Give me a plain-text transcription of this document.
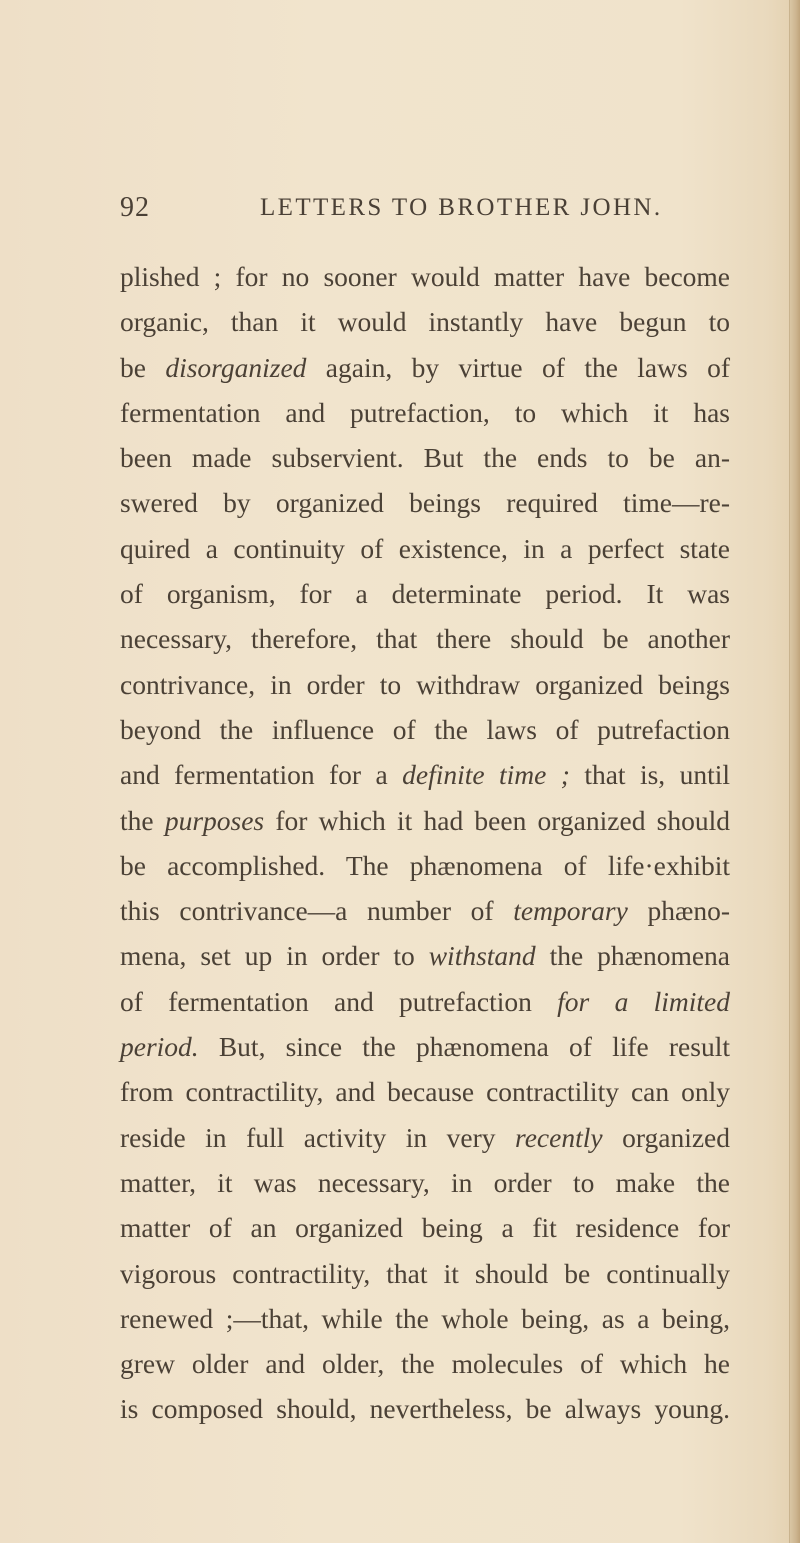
92	LETTERS TO BROTHER JOHN.
plished ; for no sooner would matter have become
organic, than it would instantly have begun to
be disorganized again, by virtue of the laws of
fermentation and putrefaction, to which it has
been made subservient. But the ends to be an-
swered by organized beings required time—re-
quired a continuity of existence, in a perfect state
of organism, for a determinate period. It was
necessary, therefore, that there should be another
contrivance, in order to withdraw organized beings
beyond the influence of the laws of putrefaction
and fermentation for a definite time ; that is, until
the purposes for which it had been organized should
be accomplished. The phænomena of life·exhibit
this contrivance—a number of temporary phæno-
mena, set up in order to withstand the phænomena
of fermentation and putrefaction for a limited
period. But, since the phænomena of life result
from contractility, and because contractility can only
reside in full activity in very recently organized
matter, it was necessary, in order to make the
matter of an organized being a fit residence for
vigorous contractility, that it should be continually
renewed ;—that, while the whole being, as a being,
grew older and older, the molecules of which he
is composed should, nevertheless, be always young.
